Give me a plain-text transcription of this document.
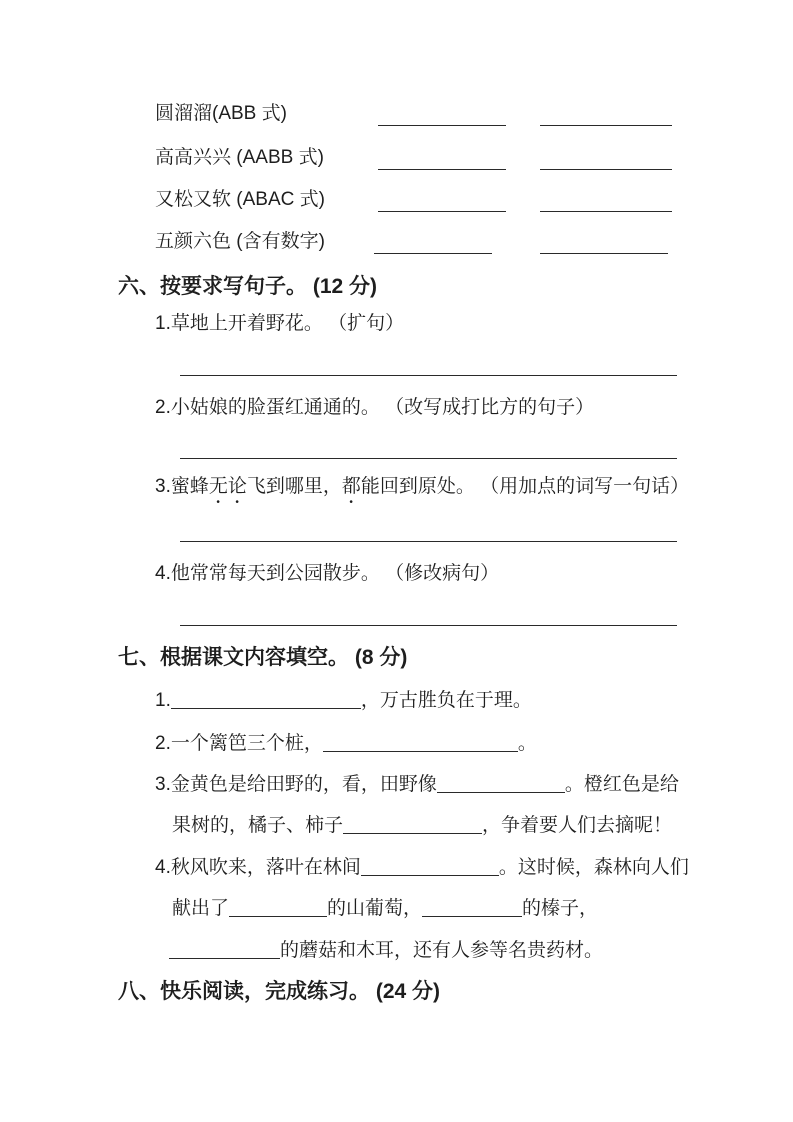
圆溜溜(ABB 式)
高高兴兴 (AABB 式)
又松又软 (ABAC 式)
五颜六色 (含有数字)
六、按要求写句子。 (12 分)
1.草地上开着野花。 （扩句）
2.小姑娘的脸蛋红通通的。 （改写成打比方的句子）
3.蜜蜂无论飞到哪里，都能回到原处。 （用加点的词写一句话）
4.他常常每天到公园散步。 （修改病句）
七、根据课文内容填空。 (8 分)
1.	，万古胜负在于理。
2.一个篱笆三个桩，	。
3.金黄色是给田野的，看，田野像	。橙红色是给
果树的，橘子、柿子	，争着要人们去摘呢！
4.秋风吹来，落叶在林间	。这时候，森林向人们
献出了	的山葡萄，	的榛子，
的蘑菇和木耳，还有人参等名贵药材。
八、快乐阅读，完成练习。 (24 分)
